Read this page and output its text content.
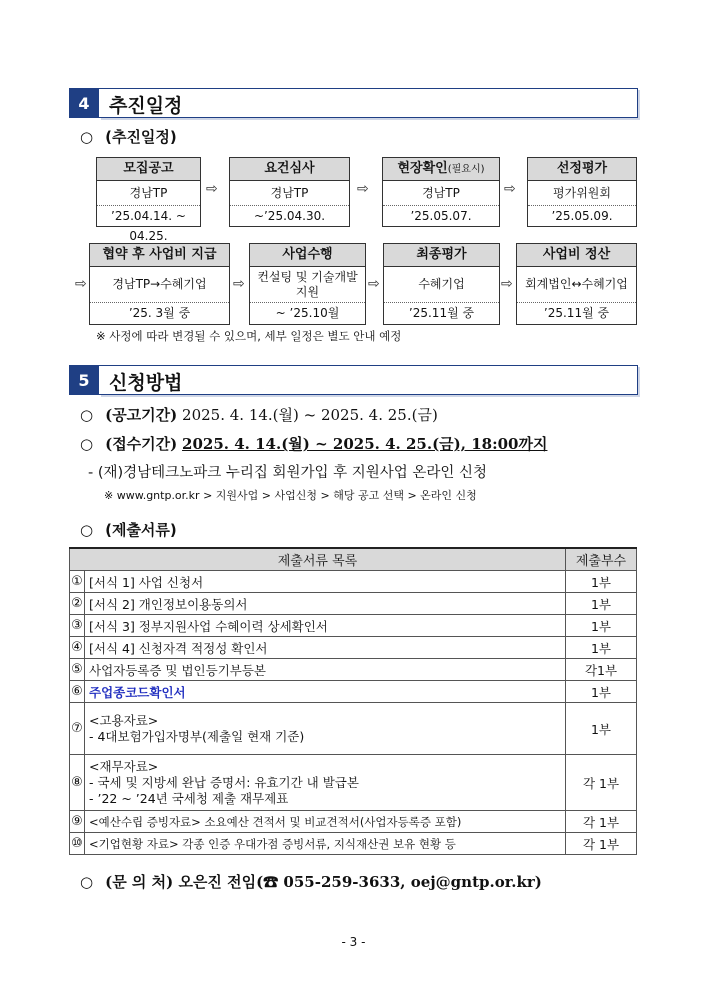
4	추진일정
○ (추진일정)
모집공고
경남TP
’25.04.14. ~ 04.25.
⇨
요건심사
경남TP
~’25.04.30.
⇨
현장확인(필요시)
경남TP
’25.05.07.
⇨
선정평가
평가위원회
’25.05.09.
⇨
협약 후 사업비 지급
경남TP→수혜기업
’25. 3월 중
⇨
사업수행
컨설팅 및 기술개발 지원
~ ’25.10월
⇨
최종평가
수혜기업
’25.11월 중
⇨
사업비 정산
회계법인↔수혜기업
’25.11월 중
※ 사정에 따라 변경될 수 있으며, 세부 일정은 별도 안내 예정
5	신청방법
○ (공고기간) 2025. 4. 14.(월) ~ 2025. 4. 25.(금)
○ (접수기간) 2025. 4. 14.(월) ~ 2025. 4. 25.(금), 18:00까지
- (재)경남테크노파크 누리집 회원가입 후 지원사업 온라인 신청
※ www.gntp.or.kr > 지원사업 > 사업신청 > 해당 공고 선택 > 온라인 신청
○ (제출서류)
제출서류 목록		제출부수
①	[서식 1] 사업 신청서	1부
②	[서식 2] 개인정보이용동의서	1부
③	[서식 3] 정부지원사업 수혜이력 상세확인서	1부
④	[서식 4] 신청자격 적정성 확인서	1부
⑤	사업자등록증 및 법인등기부등본	각1부
⑥	주업종코드확인서	1부
⑦	<고용자료>
- 4대보험가입자명부(제출일 현재 기준)	1부
⑧	<재무자료>
- 국세 및 지방세 완납 증명서: 유효기간 내 발급본
- ’22 ~ ’24년 국세청 제출 재무제표	각 1부
⑨	<예산수립 증빙자료> 소요예산 견적서 및 비교견적서(사업자등록증 포함)	각 1부
⑩	<기업현황 자료> 각종 인증 우대가점 증빙서류, 지식재산권 보유 현황 등	각 1부
○ (문 의 처) 오은진 전임(☎ 055-259-3633, oej@gntp.or.kr)
- 3 -
